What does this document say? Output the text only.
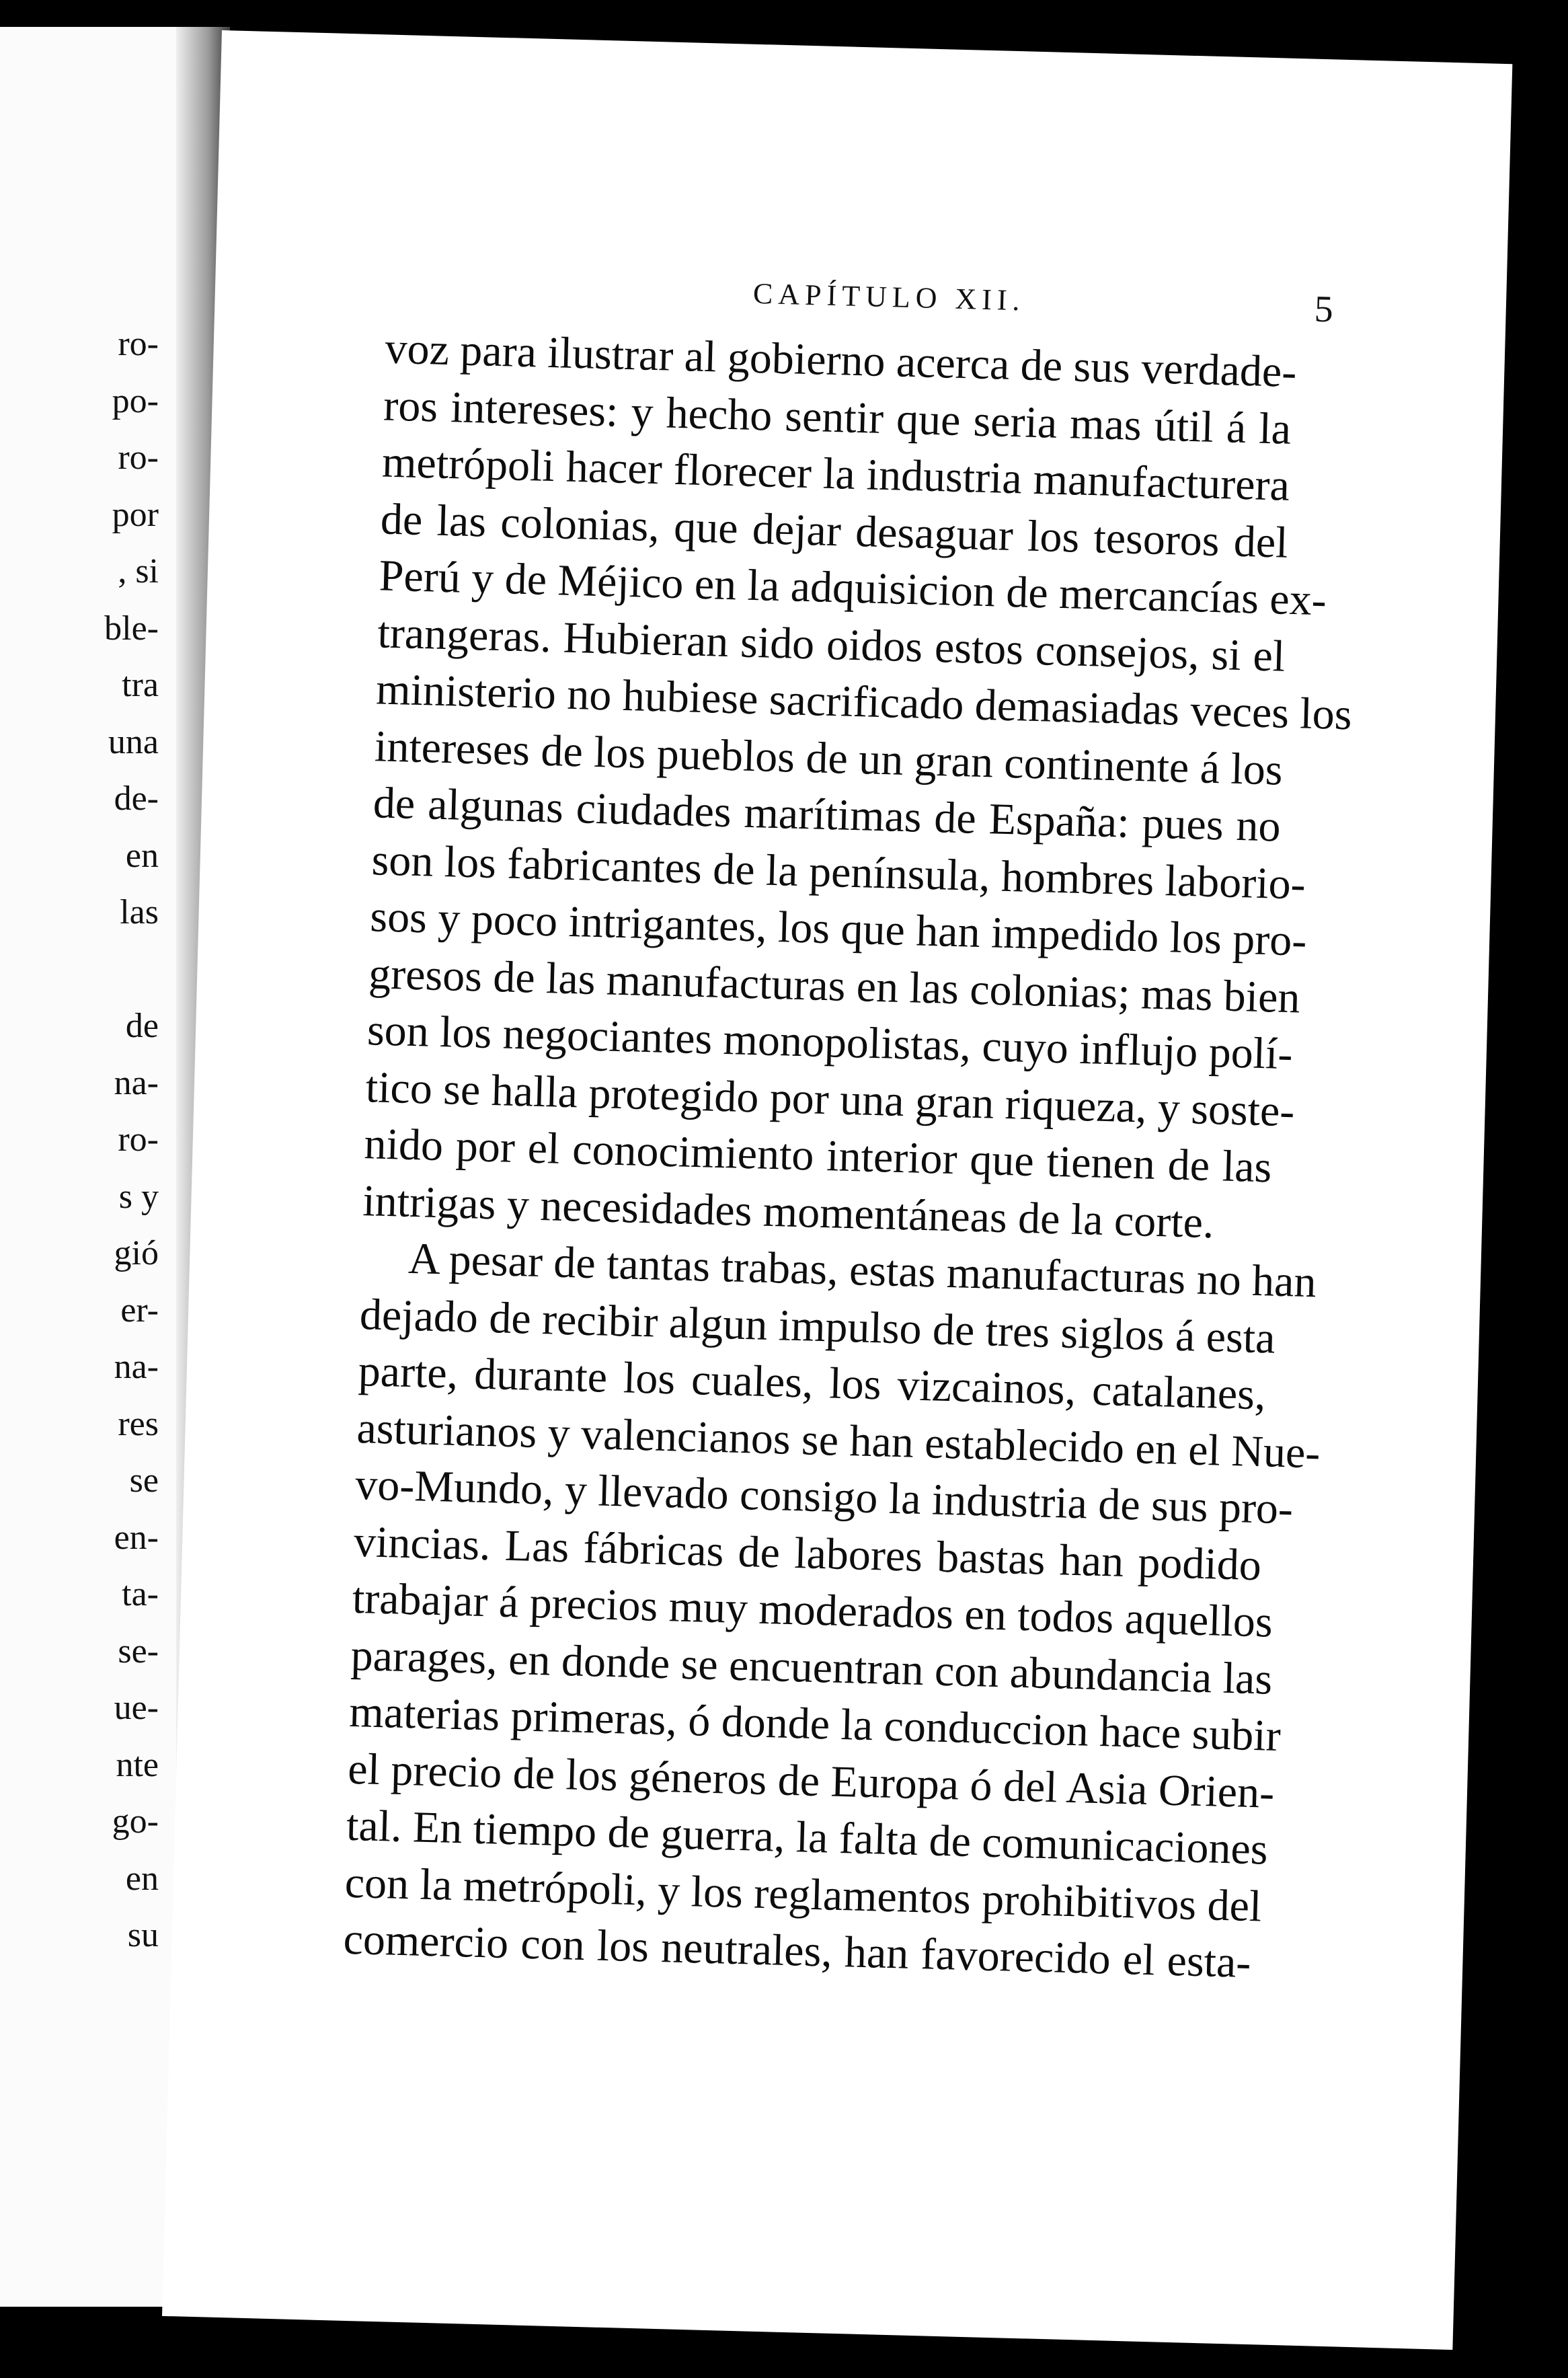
ro-
po-
ro-
por
, si
ble-
tra
una
de-
en
las
de
na-
ro-
s y
gió
er-
na-
res
se
en-
ta-
se-
ue-
nte
go-
en
su
CAPÍTULO XII.	5
voz para ilustrar al gobierno acerca de sus verdade-
ros intereses: y hecho sentir que seria mas útil á la
metrópoli hacer florecer la industria manufacturera
de las colonias, que dejar desaguar los tesoros del
Perú y de Méjico en la adquisicion de mercancías ex-
trangeras. Hubieran sido oidos estos consejos, si el
ministerio no hubiese sacrificado demasiadas veces los
intereses de los pueblos de un gran continente á los
de algunas ciudades marítimas de España: pues no
son los fabricantes de la península, hombres laborio-
sos y poco intrigantes, los que han impedido los pro-
gresos de las manufacturas en las colonias; mas bien
son los negociantes monopolistas, cuyo influjo polí-
tico se halla protegido por una gran riqueza, y soste-
nido por el conocimiento interior que tienen de las
intrigas y necesidades momentáneas de la corte.
A pesar de tantas trabas, estas manufacturas no han
dejado de recibir algun impulso de tres siglos á esta
parte, durante los cuales, los vizcainos, catalanes,
asturianos y valencianos se han establecido en el Nue-
vo-Mundo, y llevado consigo la industria de sus pro-
vincias. Las fábricas de labores bastas han podido
trabajar á precios muy moderados en todos aquellos
parages, en donde se encuentran con abundancia las
materias primeras, ó donde la conduccion hace subir
el precio de los géneros de Europa ó del Asia Orien-
tal. En tiempo de guerra, la falta de comunicaciones
con la metrópoli, y los reglamentos prohibitivos del
comercio con los neutrales, han favorecido el esta-
